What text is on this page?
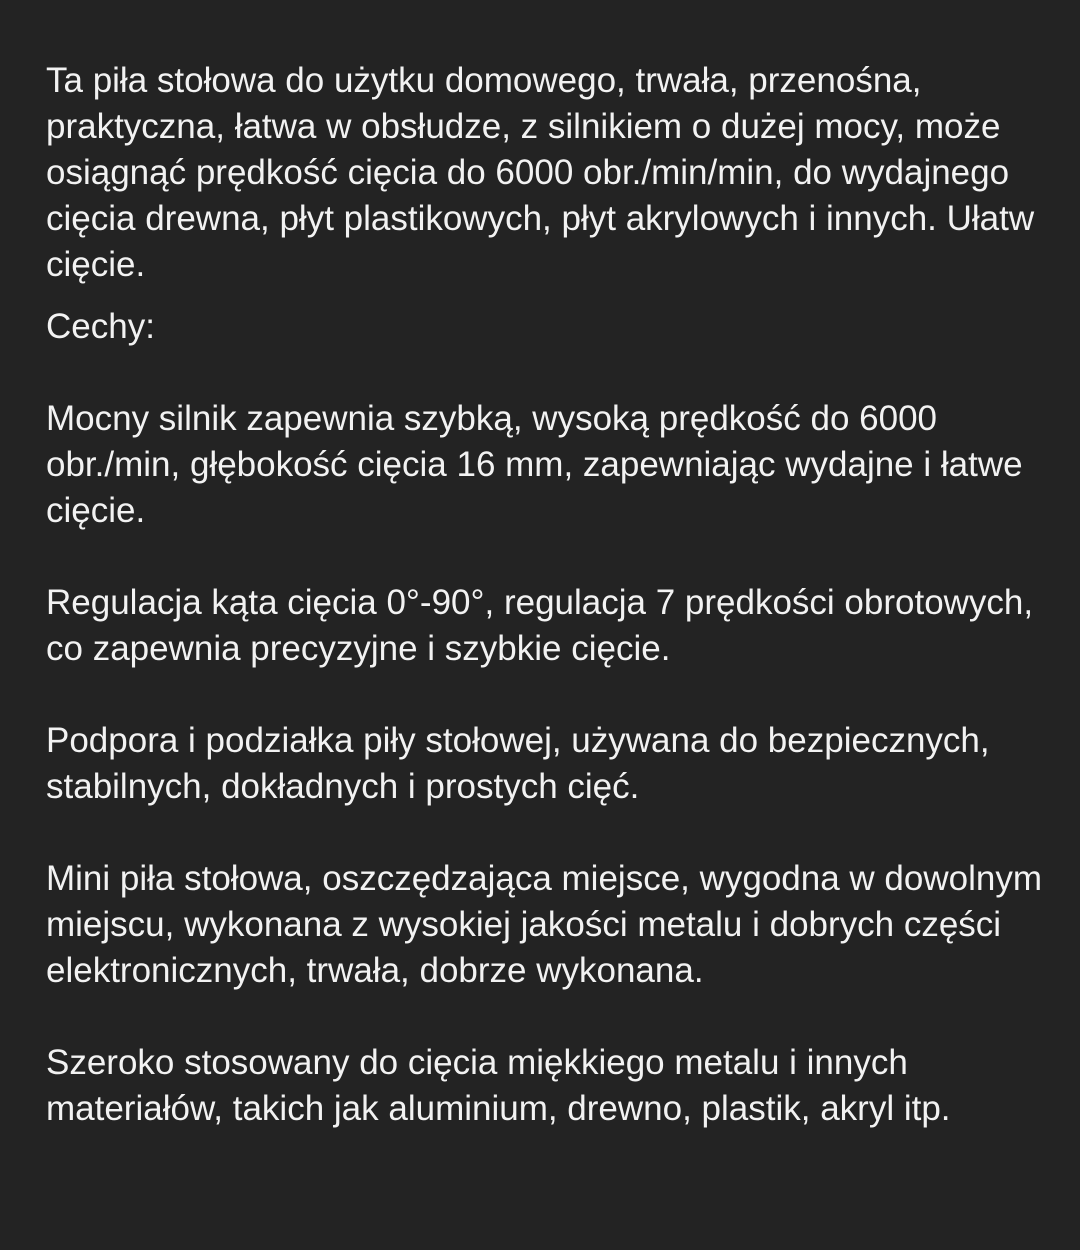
Ta piła stołowa do użytku domowego, trwała, przenośna, praktyczna, łatwa w obsłudze, z silnikiem o dużej mocy, może osiągnąć prędkość cięcia do 6000 obr./min/min, do wydajnego cięcia drewna, płyt plastikowych, płyt akrylowych i innych. Ułatw cięcie.

Cechy:

Mocny silnik zapewnia szybką, wysoką prędkość do 6000 obr./min, głębokość cięcia 16 mm, zapewniając wydajne i łatwe cięcie.

Regulacja kąta cięcia 0°-90°, regulacja 7 prędkości obrotowych, co zapewnia precyzyjne i szybkie cięcie.

Podpora i podziałka piły stołowej, używana do bezpiecznych, stabilnych, dokładnych i prostych cięć.

Mini piła stołowa, oszczędzająca miejsce, wygodna w dowolnym miejscu, wykonana z wysokiej jakości metalu i dobrych części elektronicznych, trwała, dobrze wykonana.

Szeroko stosowany do cięcia miękkiego metalu i innych materiałów, takich jak aluminium, drewno, plastik, akryl itp.
